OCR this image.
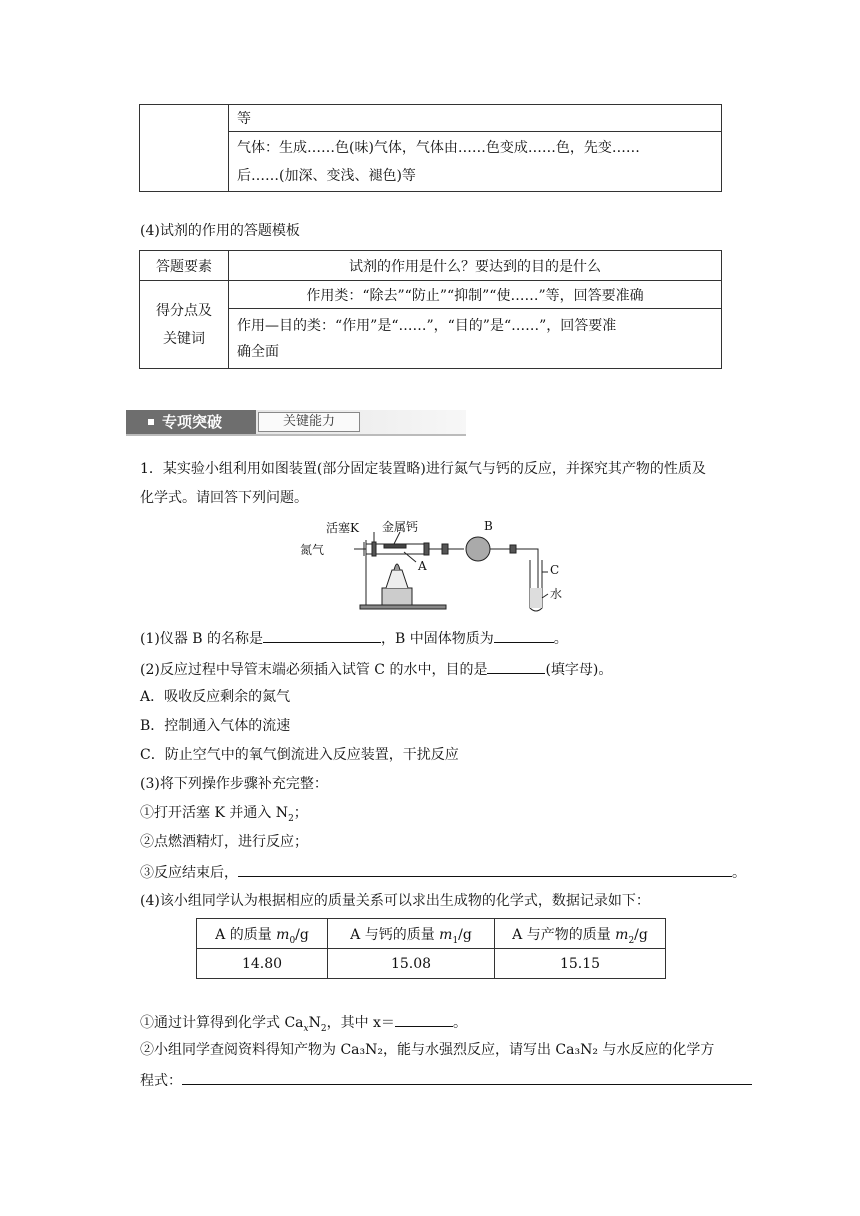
	等

气体：生成……色(味)气体，气体由……色变成……色，先变……
后……(加深、变浅、褪色)等
(4)试剂的作用的答题模板
答题要素	试剂的作用是什么？要达到的目的是什么

得分点及
关键词	作用类：“除去”“防止”“抑制”“使……”等，回答要准确

	作用—目的类：“作用”是“……”，“目的”是“……”，回答要准
确全面
专项突破	关键能力
1．某实验小组利用如图装置(部分固定装置略)进行氮气与钙的反应，并探究其产物的性质及
化学式。请回答下列问题。
活塞K 金属钙
氮气
A
B
C
水
(1)仪器 B 的名称是	，B 中固体物质为	。
(2)反应过程中导管末端必须插入试管 C 的水中，目的是	(填字母)。
A．吸收反应剩余的氮气
B．控制通入气体的流速
C．防止空气中的氧气倒流进入反应装置，干扰反应
(3)将下列操作步骤补充完整：
①打开活塞 K 并通入 $N_2$；
②点燃酒精灯，进行反应；
③反应结束后，	。
(4)该小组同学认为根据相应的质量关系可以求出生成物的化学式，数据记录如下：
A 的质量 $m_0/g$	A 与钙的质量 $m_1/g$	A 与产物的质量 $m_2/g$
14.80	15.08	15.15
①通过计算得到化学式 $Ca_xN_2$，其中 x＝	。
②小组同学查阅资料得知产物为 Ca₃N₂，能与水强烈反应，请写出 Ca₃N₂ 与水反应的化学方
程式：
